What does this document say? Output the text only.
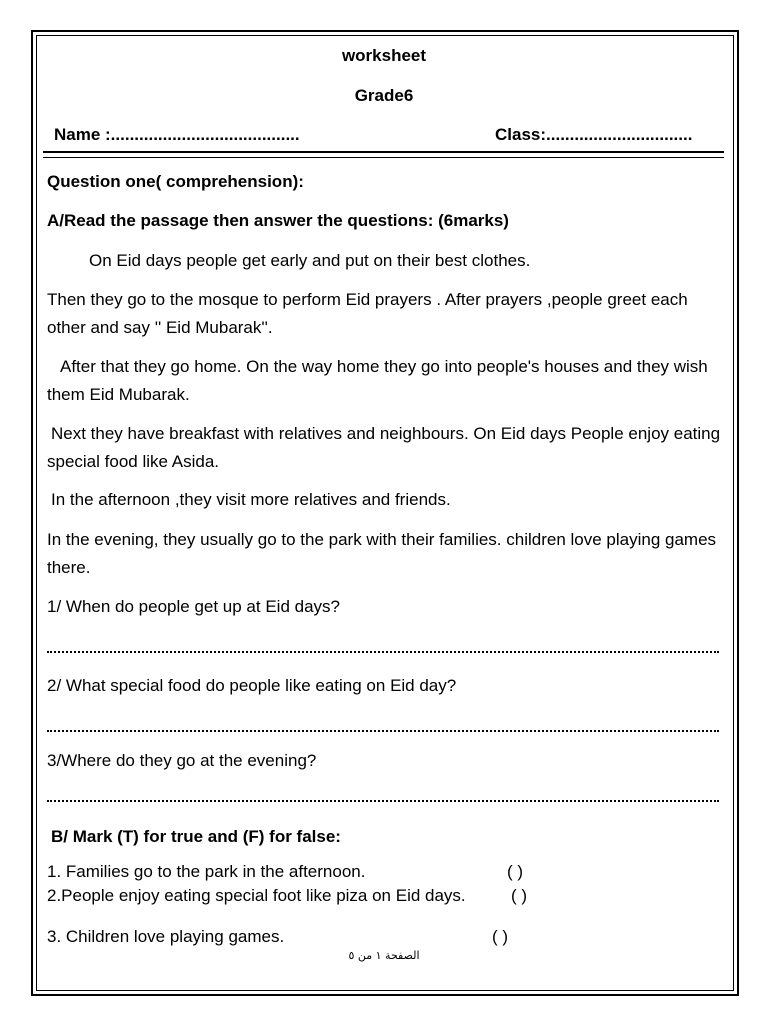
worksheet
Grade6
Name :........................................	Class:...............................
Question one( comprehension):
A/Read the passage then answer the questions: (6marks)
On Eid days people get early and put on their best clothes.
Then they go to the mosque to perform Eid prayers . After prayers ,people greet each other and say '' Eid Mubarak''.
After that they go home. On the way home they go into people's houses and they wish them Eid Mubarak.
Next they have breakfast with relatives and neighbours. On Eid days People enjoy eating special food like Asida.
In the afternoon ,they visit more relatives and friends.
In the evening, they usually go to the park with their families. children love playing games there.
1/ When do people get up at Eid days?
2/ What special food do people like eating on Eid day?
3/Where do they go at the evening?
B/ Mark (T) for true and (F) for false:
1. Families go to the park in the afternoon.	( )
2.People enjoy eating special foot like piza on Eid days.	( )
3. Children love playing games.	( )
الصفحة ١ من ٥
